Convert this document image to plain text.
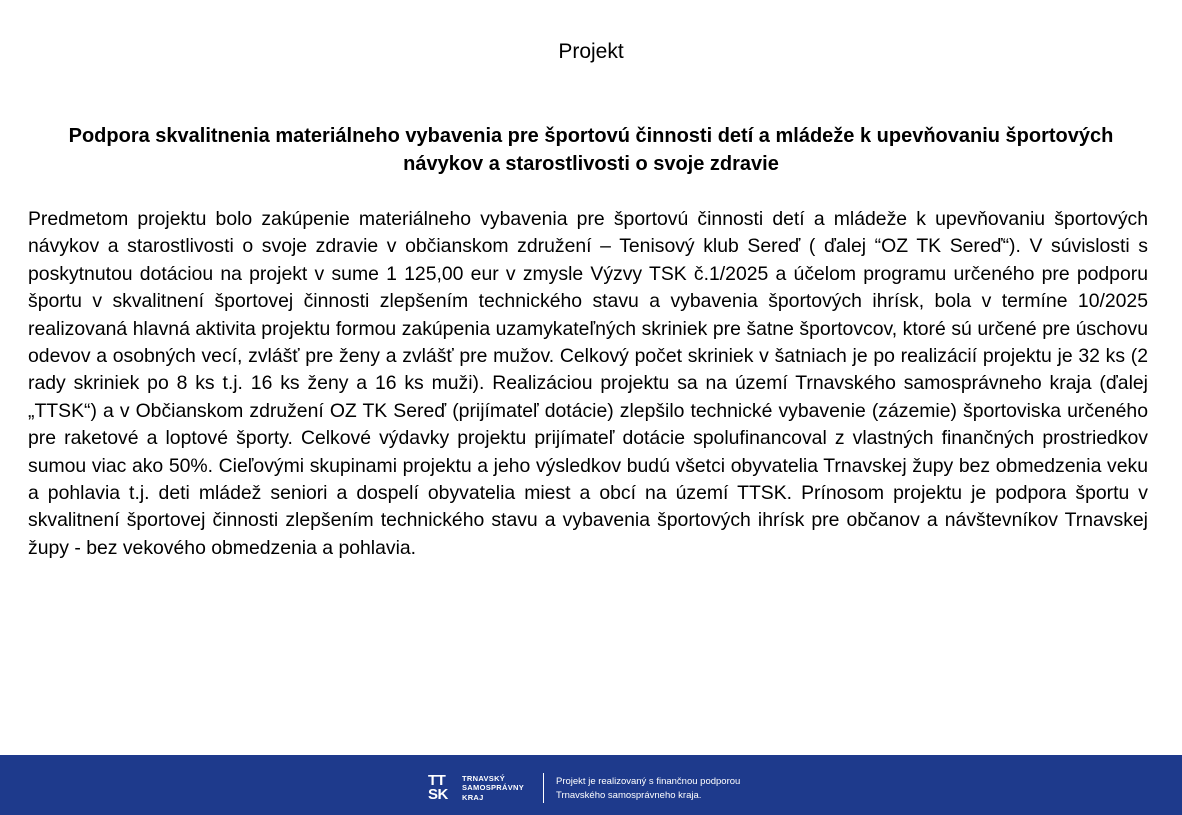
Projekt
Podpora skvalitnenia materiálneho vybavenia pre športovú činnosti detí a mládeže k upevňovaniu športových návykov a starostlivosti o svoje zdravie
Predmetom projektu bolo zakúpenie materiálneho vybavenia pre športovú činnosti detí a mládeže k upevňovaniu športových návykov a starostlivosti o svoje zdravie v občianskom združení – Tenisový klub Sereď ( ďalej “OZ TK Sereď“). V súvislosti s poskytnutou dotáciou na projekt v sume 1 125,00 eur v zmysle Výzvy TSK č.1/2025 a účelom programu určeného pre podporu športu v skvalitnení športovej činnosti zlepšením technického stavu a vybavenia športových ihrísk, bola v termíne 10/2025 realizovaná hlavná aktivita projektu formou zakúpenia uzamykateľných skriniek pre šatne športovcov, ktoré sú určené pre úschovu odevov a osobných vecí, zvlášť pre ženy a zvlášť pre mužov. Celkový počet skriniek v šatniach je po realizácií projektu je 32 ks (2 rady skriniek po 8 ks t.j. 16 ks ženy a 16 ks muži). Realizáciou projektu sa na území Trnavského samosprávneho kraja (ďalej „TTSK“) a v Občianskom združení OZ TK Sereď (prijímateľ dotácie) zlepšilo technické vybavenie (zázemie) športoviska určeného pre raketové a loptové športy. Celkové výdavky projektu prijímateľ dotácie spolufinancoval z vlastných finančných prostriedkov sumou viac ako 50%. Cieľovými skupinami projektu a jeho výsledkov budú všetci obyvatelia Trnavskej župy bez obmedzenia veku a pohlavia t.j. deti mládež seniori a dospelí obyvatelia miest a obcí na území TTSK. Prínosom projektu je podpora športu v skvalitnení športovej činnosti zlepšením technického stavu a vybavenia športových ihrísk pre občanov a návštevníkov Trnavskej župy - bez vekového obmedzenia a pohlavia.
TT
SK
TRNAVSKÝ
SAMOSPRÁVNY
KRAJ
Projekt je realizovaný s finančnou podporou
Trnavského samosprávneho kraja.
